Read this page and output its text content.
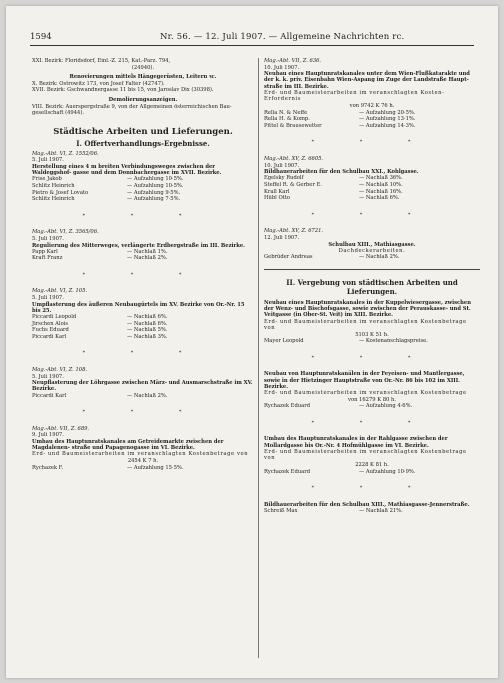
1594	Nr. 56. — 12. Juli 1907. — Allgemeine Nachrichten rc.

XXI. Bezirk: Floridsdorf, Einl.-Z. 215, Kat.-Parz. 794,

(24940).

Renovierungen mittels Hängegerüsten, Leitern ꝛc.

X. Bezirk: Ostrowitz 173, von Josef Falter (42747).

XVII. Bezirk: Gschwandnergasse 11 bis 15, von Jaroslav Dix (30398).

Demolierungsanzeigen.

VIII. Bezirk: Auerspergstraße 9, von der Allgemeinen österreichischen Bau-

gesellschaft (4944).

Städtische Arbeiten und Lieferungen.
I. Offertverhandlungs-Ergebnisse.

Mag.-Abt. VI, Z. 1552/06.

5. Juli 1907.

Herstellung eines 4 m breiten Verbindungsweges zwischen der Waldeggshof- gasse und dem Donnbachergasse im XVII. Bezirke.

Frise Jakob	— Aufzahlung 10·5%.
Schlitz Heinrich	— Aufzahlung 10·5%.
Pietro & Josef Lovato	— Aufzahlung 9·5%.
Schlitz Heinrich	— Aufzahlung 7·5%.
* * *

Mag.-Abt. VI, Z. 3565/06.

5. Juli 1907.

Regulierung des Mitterweges, verlängerte Erdbergstraße im III. Bezirke.

Papp Karl	— Nachlaß 1%.
Kraft Franz	— Nachlaß 2%.
* * *

Mag.-Abt. VI, Z. 105.

5. Juli 1907.

Umpflasterung des äußeren Neubaugürtels im XV. Bezirke von Or.-Nr. 15 bis 25.

Piccardi Leopold	— Nachlaß 6%.
Jirschen Alois	— Nachlaß 6%.
Fuchs Eduard	— Nachlaß 5%.
Piccardi Karl	— Nachlaß 3%.
* * *

Mag.-Abt. VI, Z. 108.

5. Juli 1907.

Neupflasterung der Löhrgasse zwischen März- und Ausmarschstraße im XV. Bezirke.

Piccardi Karl	— Nachlaß 2%.
* * *

Mag.-Abt. VII, Z. 689.

9. Juli 1907.

Umbau des Hauptunratskanales am Getreidemarkte zwischen der Magdalenen- straße und Papagenogasse im VI. Bezirke.

Erd- und Baumeisterarbeiten im veranschlagten Kostenbetrage von

2454 K 7 h.

Rychazek F.	— Aufzahlung 15·5%.

Mag.-Abt. VII, Z. 636.

10. Juli 1907.

Neubau eines Hauptunratskanales unter dem Wien-Flußkatarakte und der k. k. priv. Eisenbahn Wien-Aspang im Zuge der Landstraße Haupt- straße im III. Bezirke.

Erd- und Baumeisterarbeiten im veranschlagten Kosten-Erfordernis

von 9742 K 76 h.

Rella N. & Neffe	— Aufzahlung 20·5%.
Rella H. & Komp.	— Aufzahlung 13·1%.
Pittel & Brausewetter	— Aufzahlung 14·3%.
* * *

Mag.-Abt. XV, Z. 6605.

10. Juli 1907.

Bildhauerarbeiten für den Schulbau XXI., Kohlgasse.

Egelsky Rudolf	— Nachlaß 36%.
Steffel R. & Gerber E.	— Nachlaß 10%.
Krall Karl	— Nachlaß 16%.
Hübl Otto	— Nachlaß 6%.
* * *

Mag.-Abt. XV, Z. 6721.

12. Juli 1907.

Schulbau XIII., Mathiasgasse.

Dachdeckerarbeiten.

Gebrüder Andreas	— Nachlaß 2%.
II. Vergebung von städtischen Arbeiten und Lieferungen.

Neubau eines Hauptunratskanales in der Kuppelwiesergasse, zwischen der Wenz- und Bischofsgasse, sowie zwischen der Perauskasse- und St. Veitgasse (in Ober-St. Veit) im XIII. Bezirke.

Erd- und Baumeisterarbeiten im veranschlagten Kostenbetrage von

5103 K 51 h.

Mayer Leopold	— Kostenanschlagspreise.
* * *

Neubau von Hauptunratskanälen in der Feyeisen- und Mantlergasse, sowie in der Hietzinger Hauptstraße von Or.-Nr. 86 bis 102 im XIII. Bezirke.

Erd- und Baumeisterarbeiten im veranschlagten Kostenbetrage

von 16279 K 80 h.

Rychazek Eduard	— Aufzahlung 4·6%.
* * *

Umbau des Hauptunratskanales in der Rahlgasse zwischen der Mollardgasse bis Or.-Nr. 4 Hofmühlgasse im VI. Bezirke.

Erd- und Baumeisterarbeiten im veranschlagten Kostenbetrage von

2228 K 81 h.

Rychazek Eduard	— Aufzahlung 10·9%.
* * *

Bildhauerarbeiten für den Schulbau XIII., Mathiasgasse-Jennerstraße.

Schreiß Max	— Nachlaß 21%.
